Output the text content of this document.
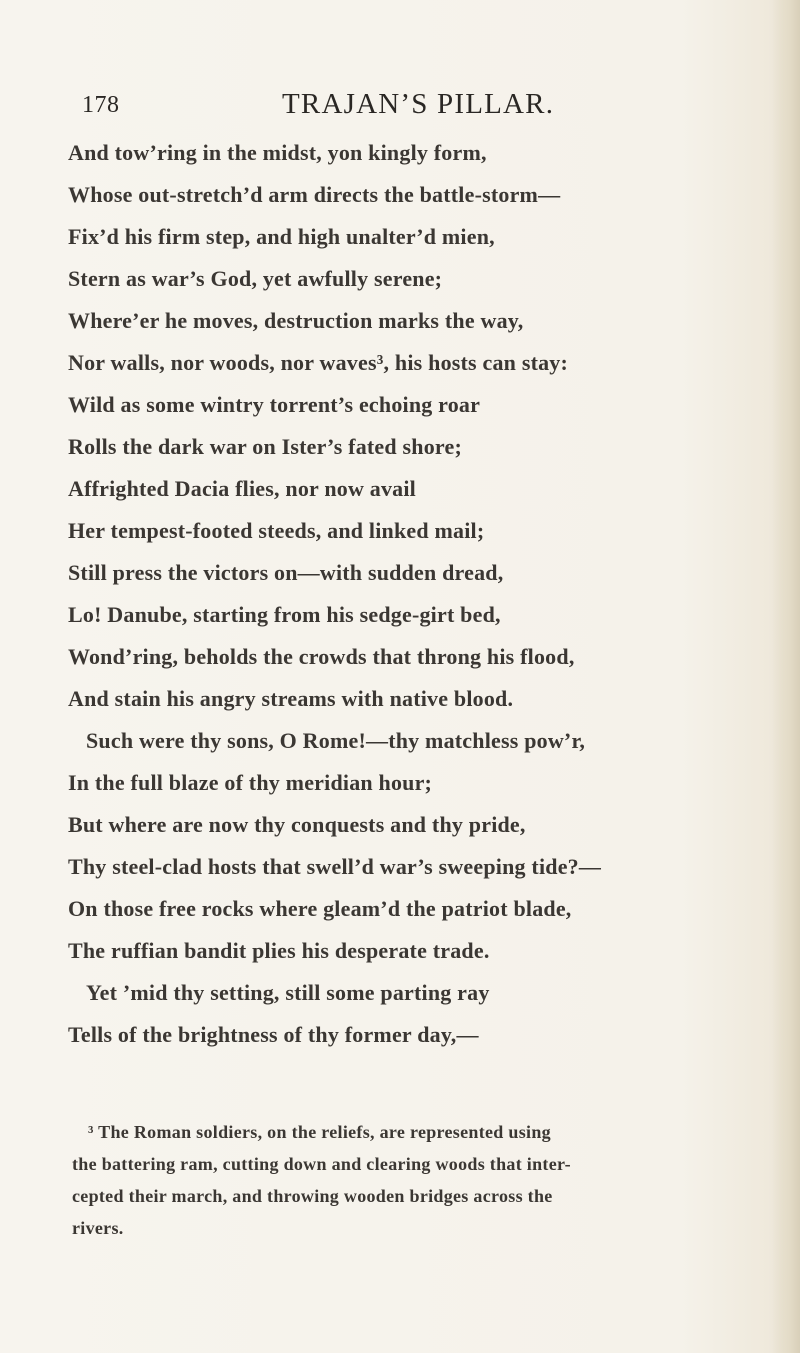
178	TRAJAN’S PILLAR.
And tow’ring in the midst, yon kingly form,
Whose out-stretch’d arm directs the battle-storm—
Fix’d his firm step, and high unalter’d mien,
Stern as war’s God, yet awfully serene;
Where’er he moves, destruction marks the way,
Nor walls, nor woods, nor waves³, his hosts can stay:
Wild as some wintry torrent’s echoing roar
Rolls the dark war on Ister’s fated shore;
Affrighted Dacia flies, nor now avail
Her tempest-footed steeds, and linked mail;
Still press the victors on—with sudden dread,
Lo! Danube, starting from his sedge-girt bed,
Wond’ring, beholds the crowds that throng his flood,
And stain his angry streams with native blood.
Such were thy sons, O Rome!—thy matchless pow’r,
In the full blaze of thy meridian hour;
But where are now thy conquests and thy pride,
Thy steel-clad hosts that swell’d war’s sweeping tide?—
On those free rocks where gleam’d the patriot blade,
The ruffian bandit plies his desperate trade.
Yet ’mid thy setting, still some parting ray
Tells of the brightness of thy former day,—
³ The Roman soldiers, on the reliefs, are represented using
the battering ram, cutting down and clearing woods that inter-
cepted their march, and throwing wooden bridges across the
rivers.
